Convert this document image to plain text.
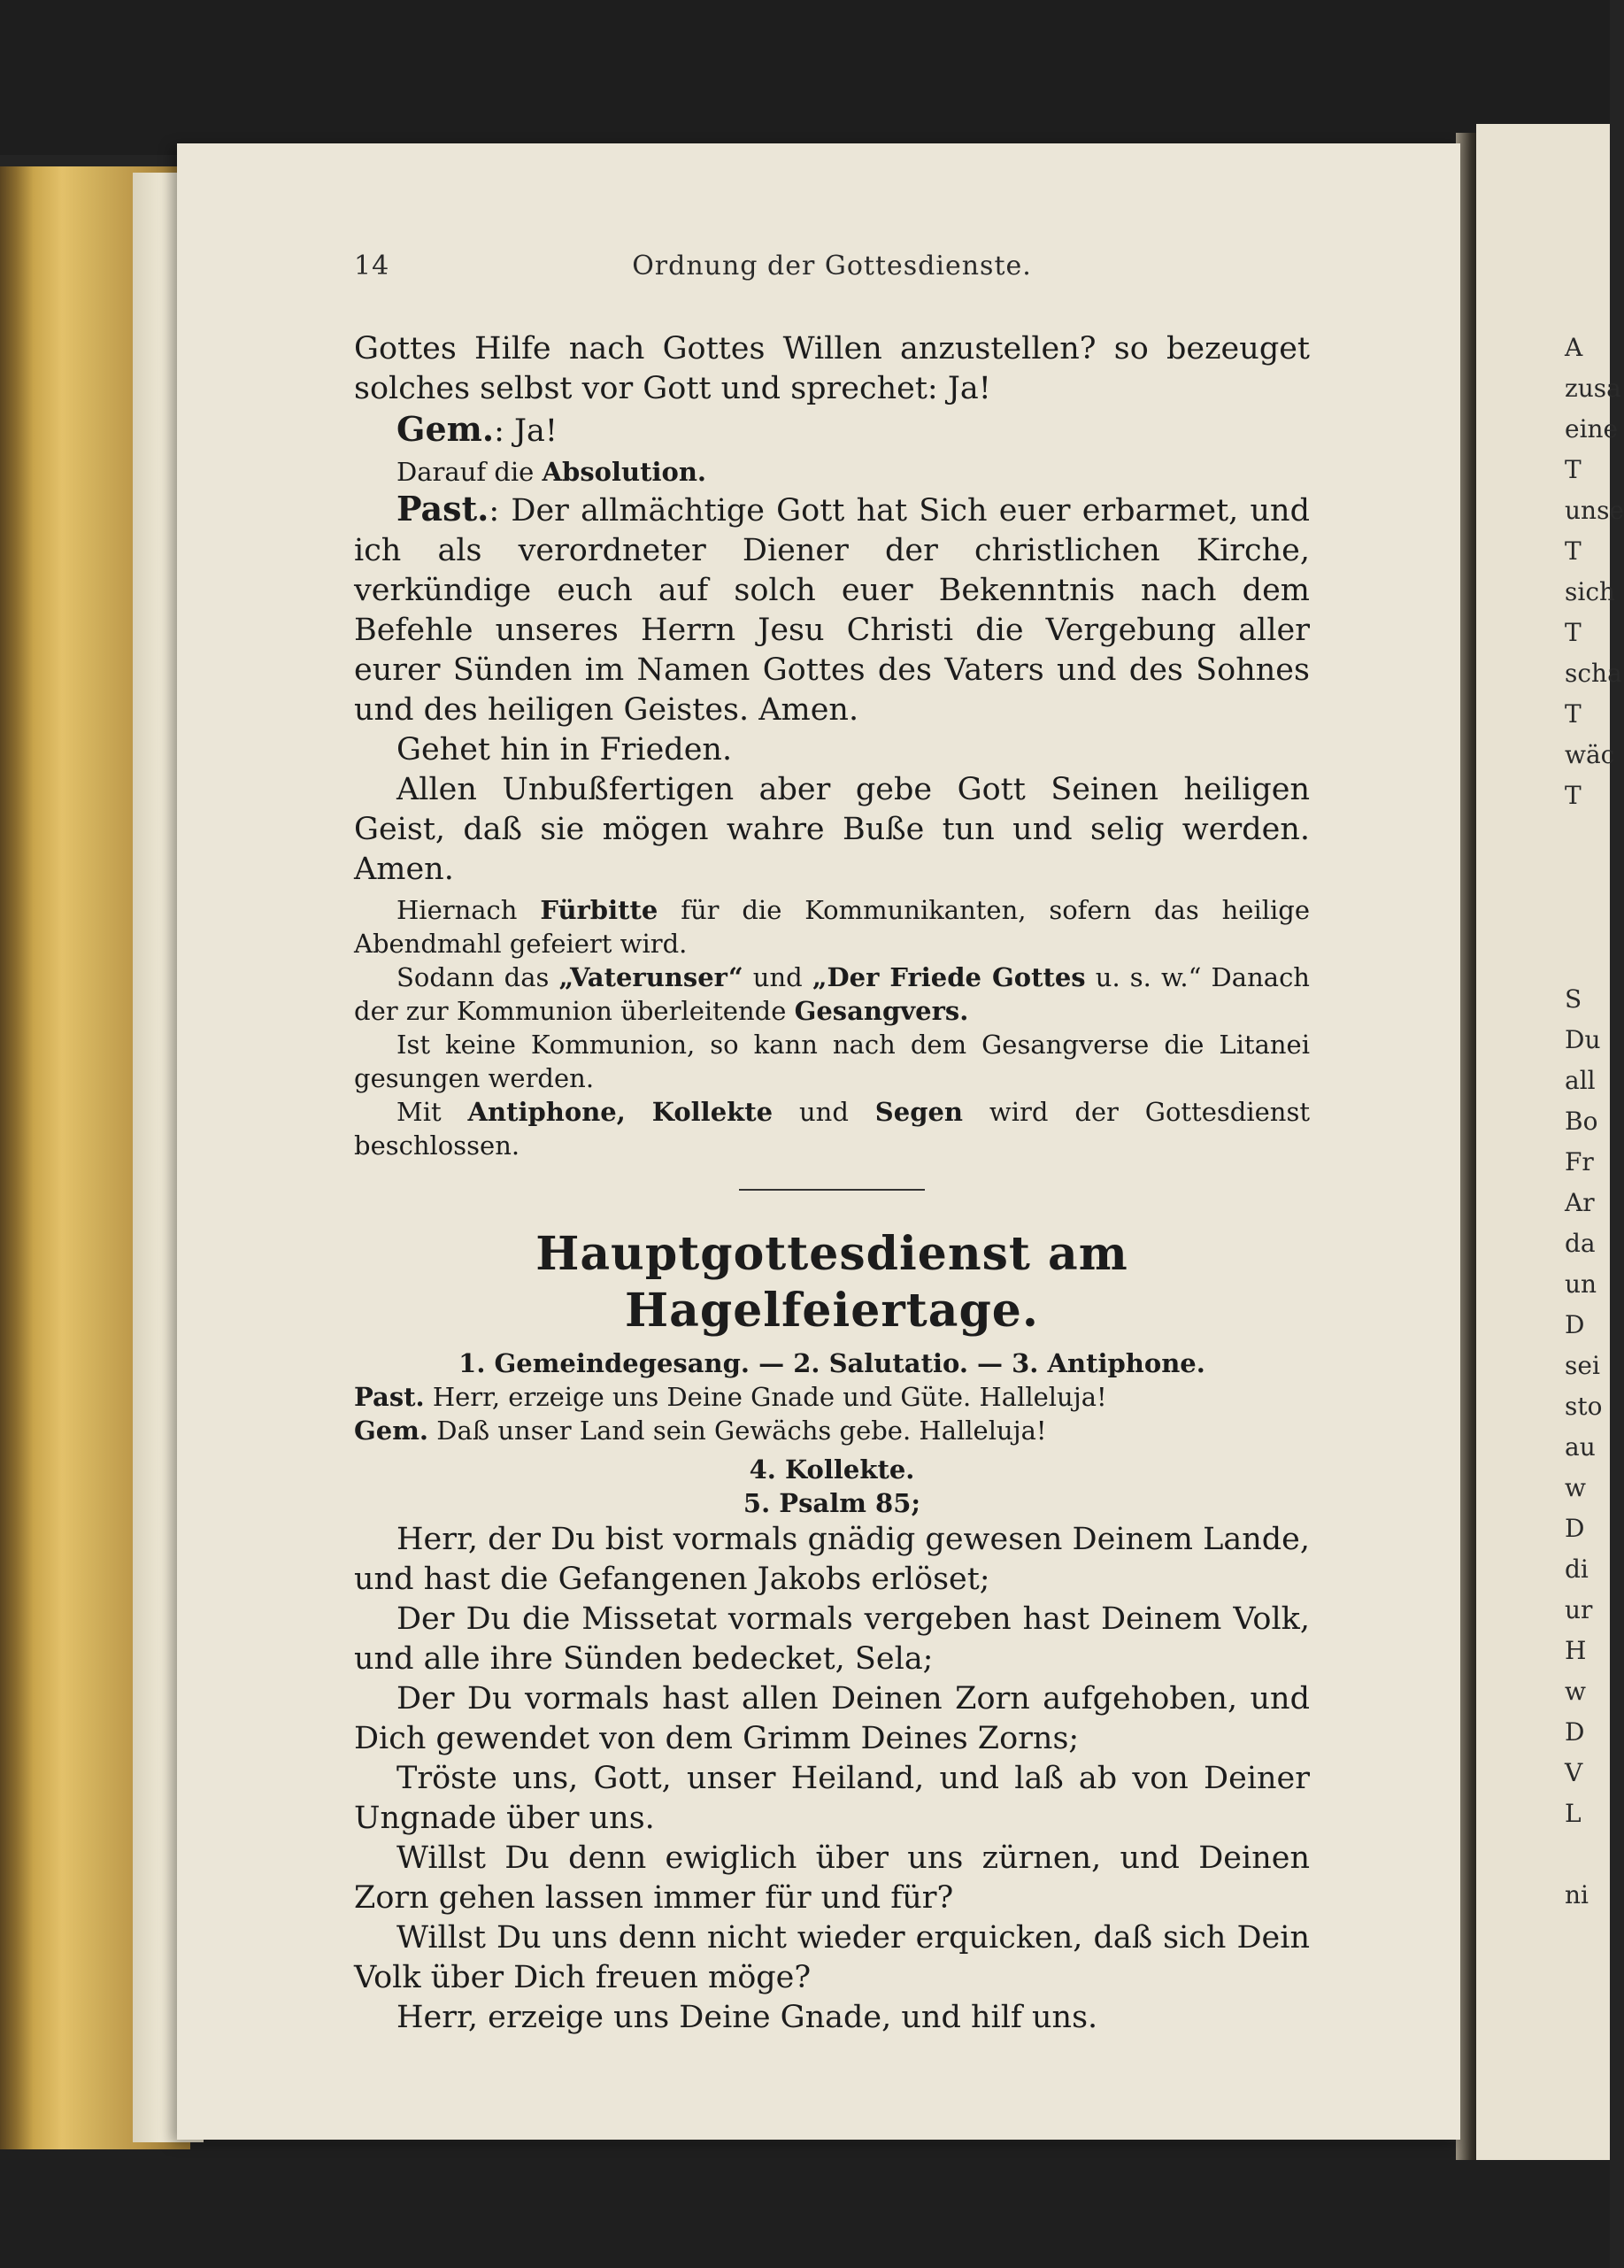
14	Ordnung der Gottesdienste.

Gottes Hilfe nach Gottes Willen anzustellen? so bezeuget solches selbst vor Gott und sprechet: Ja!

Gem.: Ja!

Darauf die Absolution.

Past.: Der allmächtige Gott hat Sich euer erbarmet, und ich als verordneter Diener der christlichen Kirche, verkündige euch auf solch euer Bekenntnis nach dem Befehle unseres Herrn Jesu Christi die Vergebung aller eurer Sünden im Namen Gottes des Vaters und des Sohnes und des heiligen Geistes. Amen.

Gehet hin in Frieden.

Allen Unbußfertigen aber gebe Gott Seinen heiligen Geist, daß sie mögen wahre Buße tun und selig werden. Amen.

Hiernach Fürbitte für die Kommunikanten, sofern das heilige Abendmahl gefeiert wird.

Sodann das „Vaterunser“ und „Der Friede Gottes u. s. w.“ Danach der zur Kommunion überleitende Gesangvers.

Ist keine Kommunion, so kann nach dem Gesangverse die Litanei gesungen werden.

Mit Antiphone, Kollekte und Segen wird der Gottesdienst beschlossen.

Hauptgottesdienst am Hagelfeiertage.

1. Gemeindegesang. — 2. Salutatio. — 3. Antiphone.

Past. Herr, erzeige uns Deine Gnade und Güte. Halleluja!

Gem. Daß unser Land sein Gewächs gebe. Halleluja!

4. Kollekte.

5. Psalm 85;

Herr, der Du bist vormals gnädig gewesen Deinem Lande, und hast die Gefangenen Jakobs erlöset;

Der Du die Missetat vormals vergeben hast Deinem Volk, und alle ihre Sünden bedecket, Sela;

Der Du vormals hast allen Deinen Zorn aufgehoben, und Dich gewendet von dem Grimm Deines Zorns;

Tröste uns, Gott, unser Heiland, und laß ab von Deiner Ungnade über uns.

Willst Du denn ewiglich über uns zürnen, und Deinen Zorn gehen lassen immer für und für?

Willst Du uns denn nicht wieder erquicken, daß sich Dein Volk über Dich freuen möge?

Herr, erzeige uns Deine Gnade, und hilf uns.

A
zusa
eine
T
unse
T
sich
T
scha
T
wäc
T
S
Du
all
Bo
Fr
Ar
da
un
D
sei
sto
au
w
D
di
ur
H
w
D
V
L
ni
